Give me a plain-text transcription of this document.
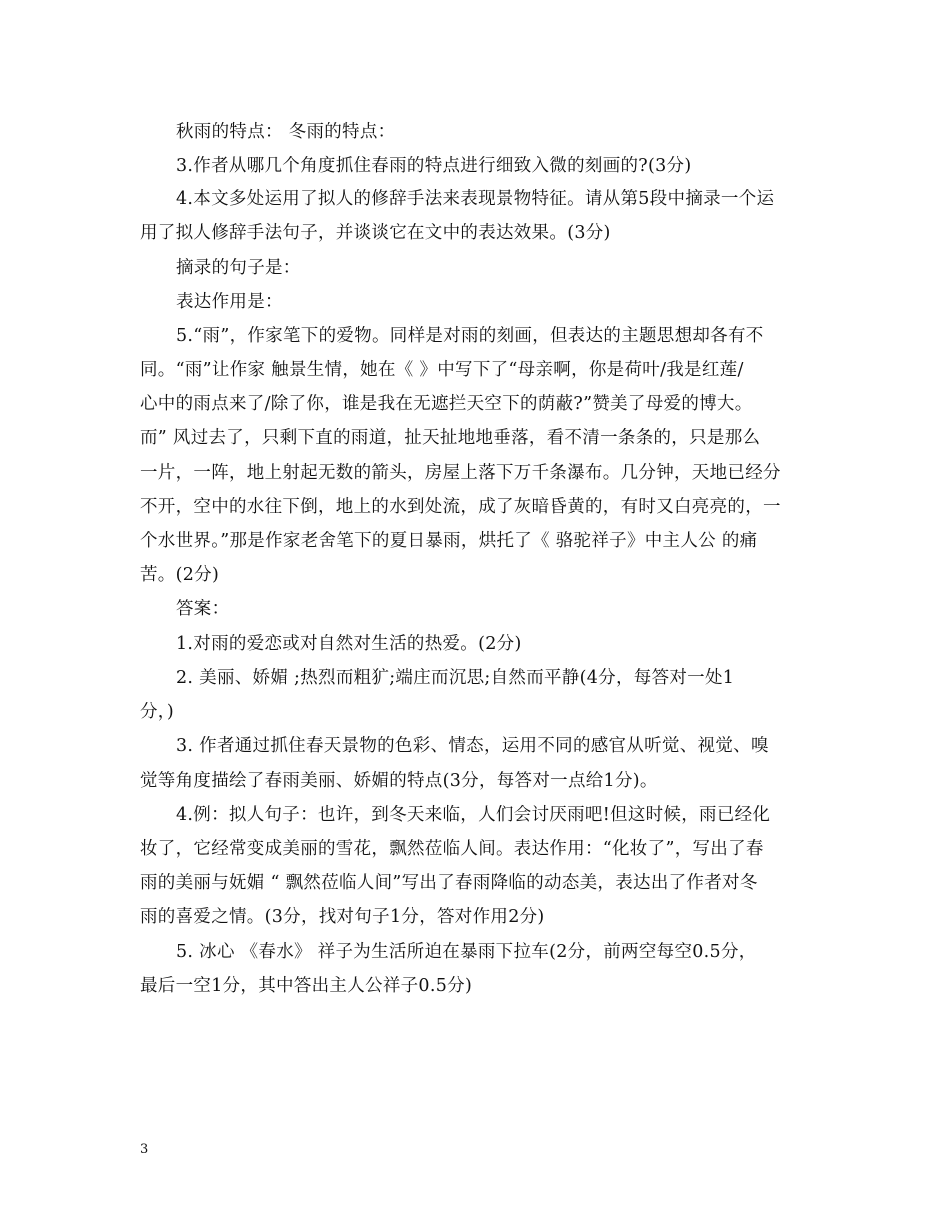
秋雨的特点： 冬雨的特点：
3.作者从哪几个角度抓住春雨的特点进行细致入微的刻画的?(3分)
4.本文多处运用了拟人的修辞手法来表现景物特征。请从第5段中摘录一个运
用了拟人修辞手法句子，并谈谈它在文中的表达效果。(3分)
摘录的句子是：
表达作用是：
5.“雨”，作家笔下的爱物。同样是对雨的刻画，但表达的主题思想却各有不
同。“雨”让作家 触景生情，她在《 》中写下了“母亲啊，你是荷叶/我是红莲/
心中的雨点来了/除了你，谁是我在无遮拦天空下的荫蔽?”赞美了母爱的博大。
而” 风过去了，只剩下直的雨道，扯天扯地地垂落，看不清一条条的，只是那么
一片，一阵，地上射起无数的箭头，房屋上落下万千条瀑布。几分钟，天地已经分
不开，空中的水往下倒，地上的水到处流，成了灰暗昏黄的，有时又白亮亮的，一
个水世界。”那是作家老舍笔下的夏日暴雨，烘托了《 骆驼祥子》中主人公 的痛
苦。(2分)
答案：
1.对雨的爱恋或对自然对生活的热爱。(2分)
2. 美丽、娇媚 ;热烈而粗犷;端庄而沉思;自然而平静(4分，每答对一处1
分，)
3. 作者通过抓住春天景物的色彩、情态，运用不同的感官从听觉、视觉、嗅
觉等角度描绘了春雨美丽、娇媚的特点(3分，每答对一点给1分)。
4.例：拟人句子：也许，到冬天来临，人们会讨厌雨吧!但这时候，雨已经化
妆了，它经常变成美丽的雪花，飘然莅临人间。表达作用：“化妆了”，写出了春
雨的美丽与妩媚 “ 飘然莅临人间”写出了春雨降临的动态美，表达出了作者对冬
雨的喜爱之情。(3分，找对句子1分，答对作用2分)
5. 冰心 《春水》 祥子为生活所迫在暴雨下拉车(2分，前两空每空0.5分，
最后一空1分，其中答出主人公祥子0.5分)
3
